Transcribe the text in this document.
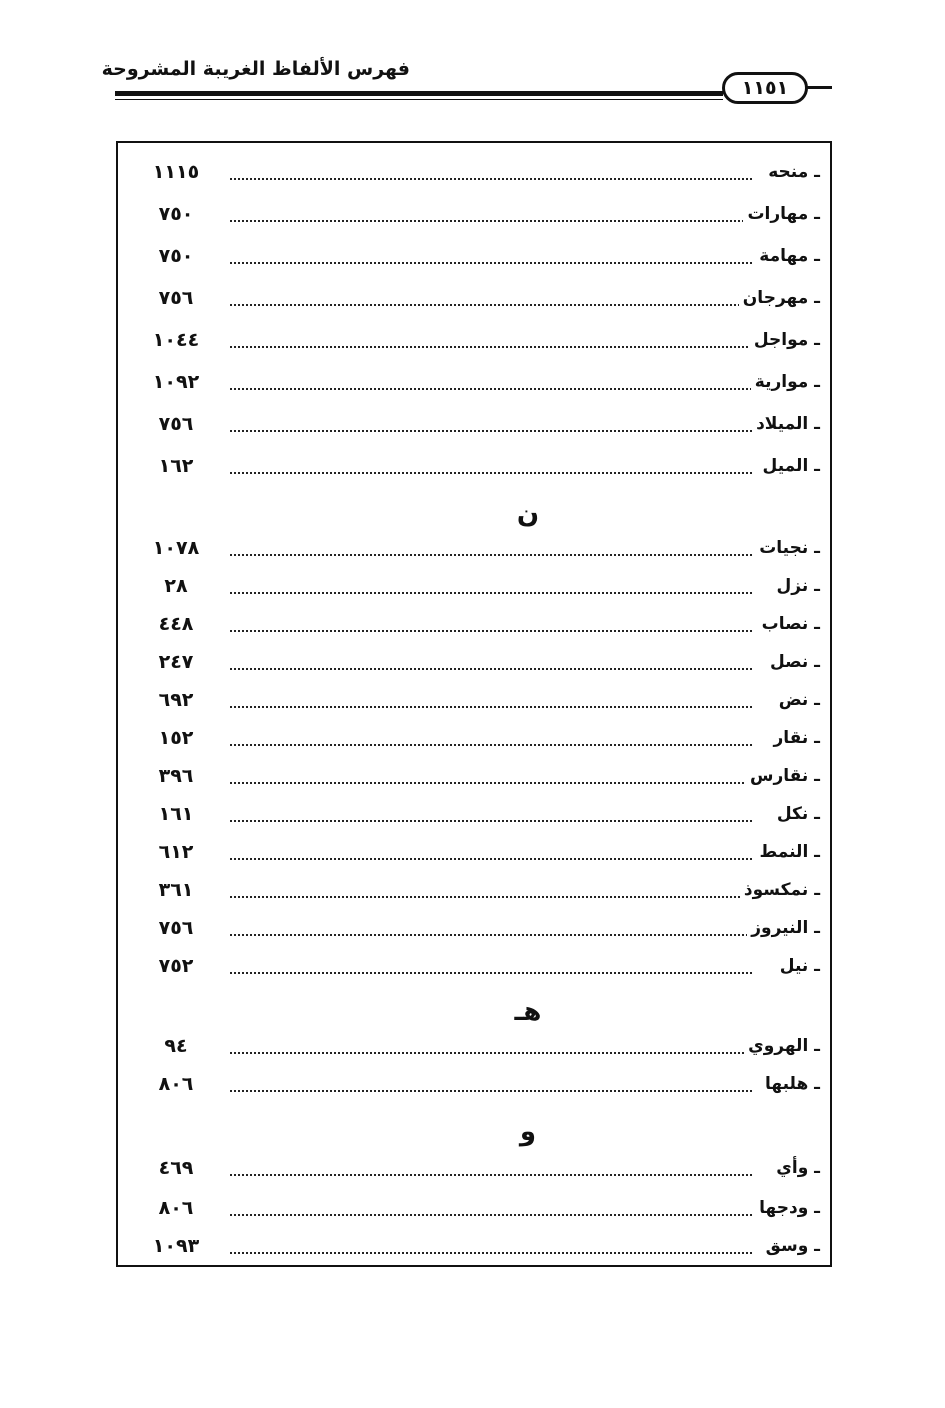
فهرس الألفاظ الغريبة المشروحة
١١٥١
١١١٥	ـ منحه
٧٥٠	ـ مهارات
٧٥٠	ـ مهامة
٧٥٦	ـ مهرجان
١٠٤٤	ـ مواجل
١٠٩٢	ـ موارية
٧٥٦	ـ الميلاد
١٦٢	ـ الميل
ن
١٠٧٨	ـ نجيات
٢٨	ـ نزل
٤٤٨	ـ نصاب
٢٤٧	ـ نصل
٦٩٢	ـ نض
١٥٢	ـ نقار
٣٩٦	ـ نقارس
١٦١	ـ نكل
٦١٢	ـ النمط
٣٦١	ـ نمكسوذ
٧٥٦	ـ النيروز
٧٥٢	ـ نيل
هـ
٩٤	ـ الهروي
٨٠٦	ـ هلبها
و
٤٦٩	ـ وأي
٨٠٦	ـ ودجها
١٠٩٣	ـ وسق
